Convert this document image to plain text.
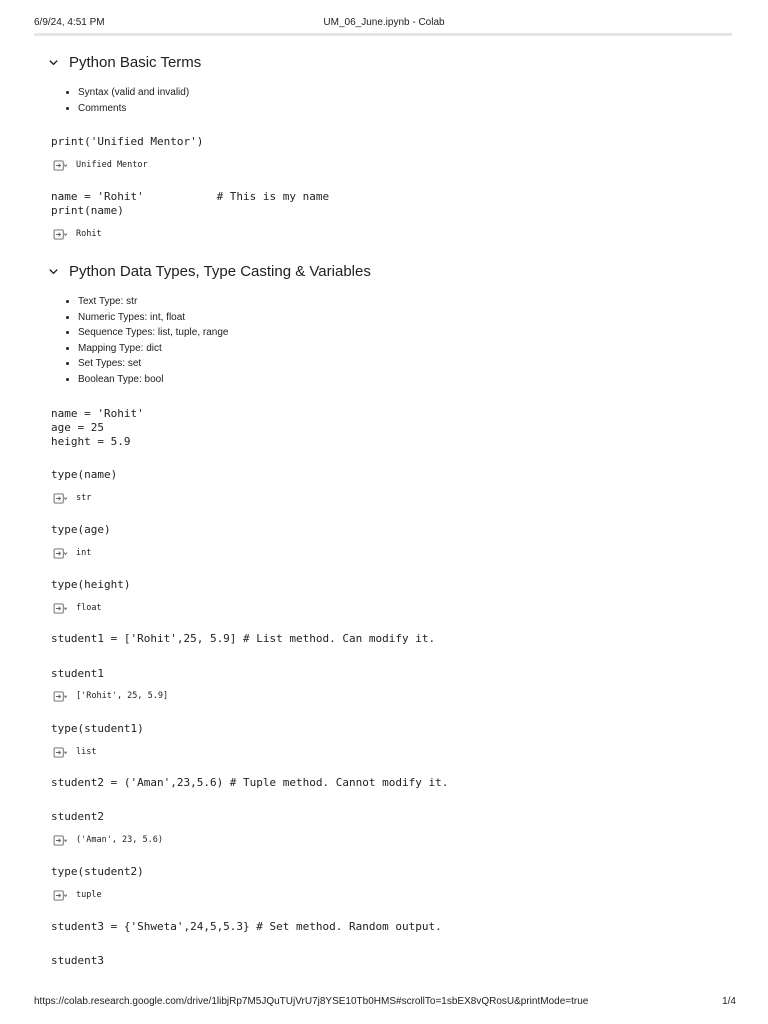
6/9/24, 4:51 PM	UM_06_June.ipynb - Colab
Python Basic Terms
• Syntax (valid and invalid)
• Comments
print('Unified Mentor')
Unified Mentor
name = 'Rohit'           # This is my name
print(name)
Rohit
Python Data Types, Type Casting & Variables
• Text Type: str
• Numeric Types: int, float
• Sequence Types: list, tuple, range
• Mapping Type: dict
• Set Types: set
• Boolean Type: bool
name = 'Rohit'
age = 25
height = 5.9
type(name)
str
type(age)
int
type(height)
float
student1 = ['Rohit',25, 5.9] # List method. Can modify it.
student1
['Rohit', 25, 5.9]
type(student1)
list
student2 = ('Aman',23,5.6) # Tuple method. Cannot modify it.
student2
('Aman', 23, 5.6)
type(student2)
tuple
student3 = {'Shweta',24,5,5.3} # Set method. Random output.
student3
https://colab.research.google.com/drive/1libjRp7M5JQuTUjVrU7j8YSE10Tb0HMS#scrollTo=1sbEX8vQRosU&printMode=true	1/4
